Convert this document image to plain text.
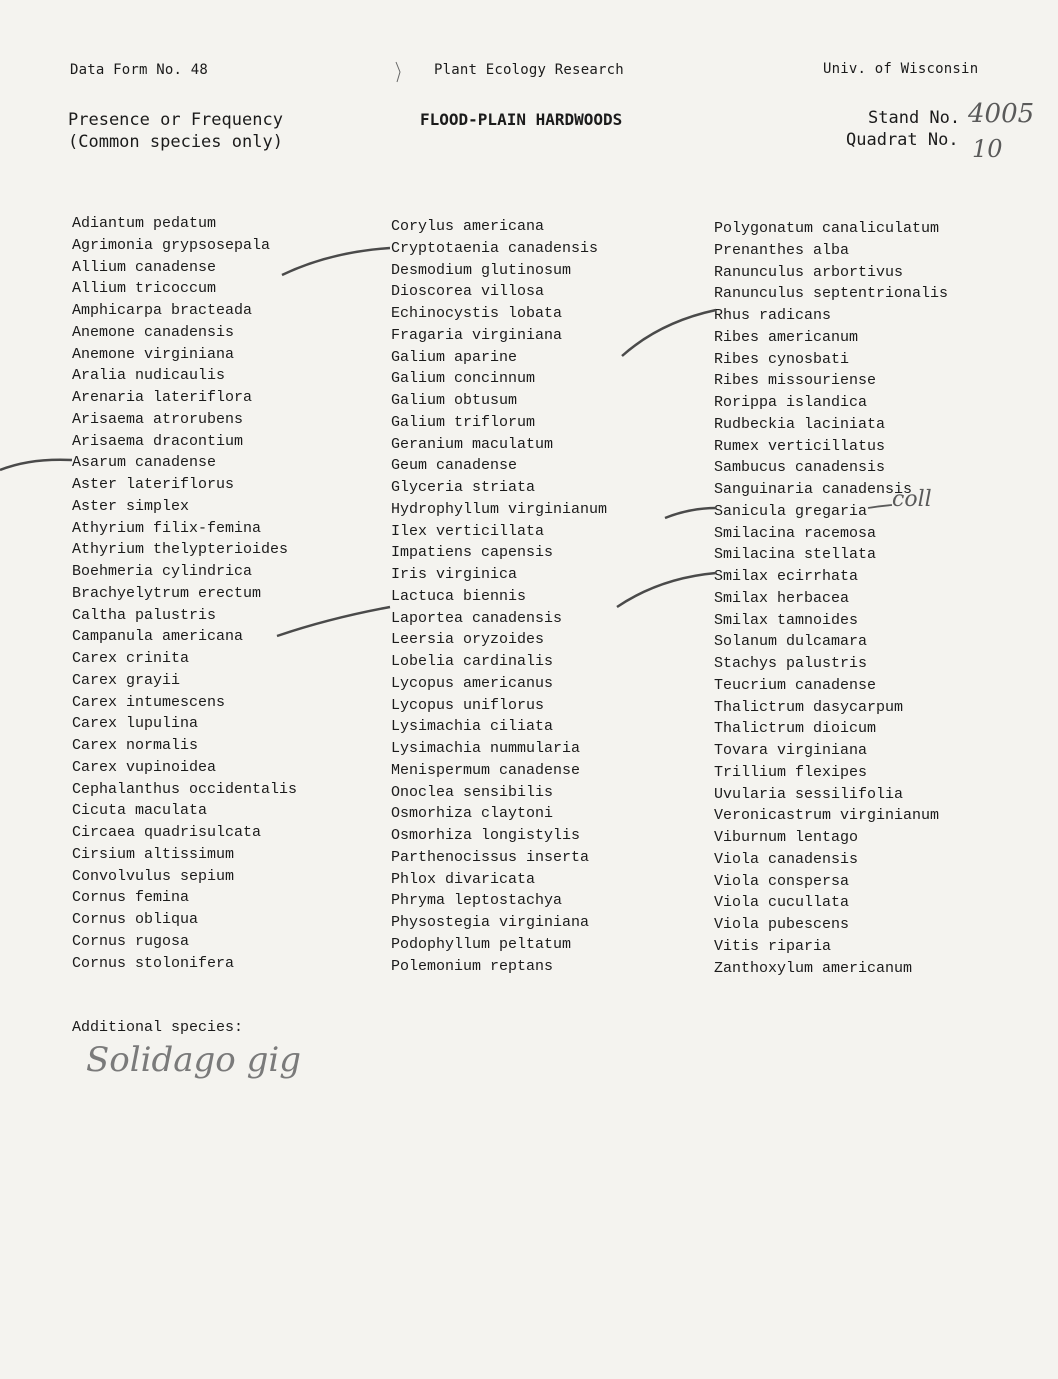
Data Form No. 48	Plant Ecology Research	Univ. of Wisconsin
Presence or Frequency
(Common species only)
FLOOD-PLAIN HARDWOODS	Stand No.
Quadrat No.
4005
10
Adiantum pedatum
Agrimonia grypsosepala
Allium canadense
Allium tricoccum
Amphicarpa bracteada
Anemone canadensis
Anemone virginiana
Aralia nudicaulis
Arenaria lateriflora
Arisaema atrorubens
Arisaema dracontium
Asarum canadense
Aster lateriflorus
Aster simplex
Athyrium filix-femina
Athyrium thelypterioides
Boehmeria cylindrica
Brachyelytrum erectum
Caltha palustris
Campanula americana
Carex crinita
Carex grayii
Carex intumescens
Carex lupulina
Carex normalis
Carex vupinoidea
Cephalanthus occidentalis
Cicuta maculata
Circaea quadrisulcata
Cirsium altissimum
Convolvulus sepium
Cornus femina
Cornus obliqua
Cornus rugosa
Cornus stolonifera
Corylus americana
Cryptotaenia canadensis
Desmodium glutinosum
Dioscorea villosa
Echinocystis lobata
Fragaria virginiana
Galium aparine
Galium concinnum
Galium obtusum
Galium triflorum
Geranium maculatum
Geum canadense
Glyceria striata
Hydrophyllum virginianum
Ilex verticillata
Impatiens capensis
Iris virginica
Lactuca biennis
Laportea canadensis
Leersia oryzoides
Lobelia cardinalis
Lycopus americanus
Lycopus uniflorus
Lysimachia ciliata
Lysimachia nummularia
Menispermum canadense
Onoclea sensibilis
Osmorhiza claytoni
Osmorhiza longistylis
Parthenocissus inserta
Phlox divaricata
Phryma leptostachya
Physostegia virginiana
Podophyllum peltatum
Polemonium reptans
Polygonatum canaliculatum
Prenanthes alba
Ranunculus arbortivus
Ranunculus septentrionalis
Rhus radicans
Ribes americanum
Ribes cynosbati
Ribes missouriense
Rorippa islandica
Rudbeckia laciniata
Rumex verticillatus
Sambucus canadensis
Sanguinaria canadensis
Sanicula gregaria
Smilacina racemosa
Smilacina stellata
Smilax ecirrhata
Smilax herbacea
Smilax tamnoides
Solanum dulcamara
Stachys palustris
Teucrium canadense
Thalictrum dasycarpum
Thalictrum dioicum
Tovara virginiana
Trillium flexipes
Uvularia sessilifolia
Veronicastrum virginianum
Viburnum lentago
Viola canadensis
Viola conspersa
Viola cucullata
Viola pubescens
Vitis riparia
Zanthoxylum americanum
coll
Additional species:
Solidago gig
